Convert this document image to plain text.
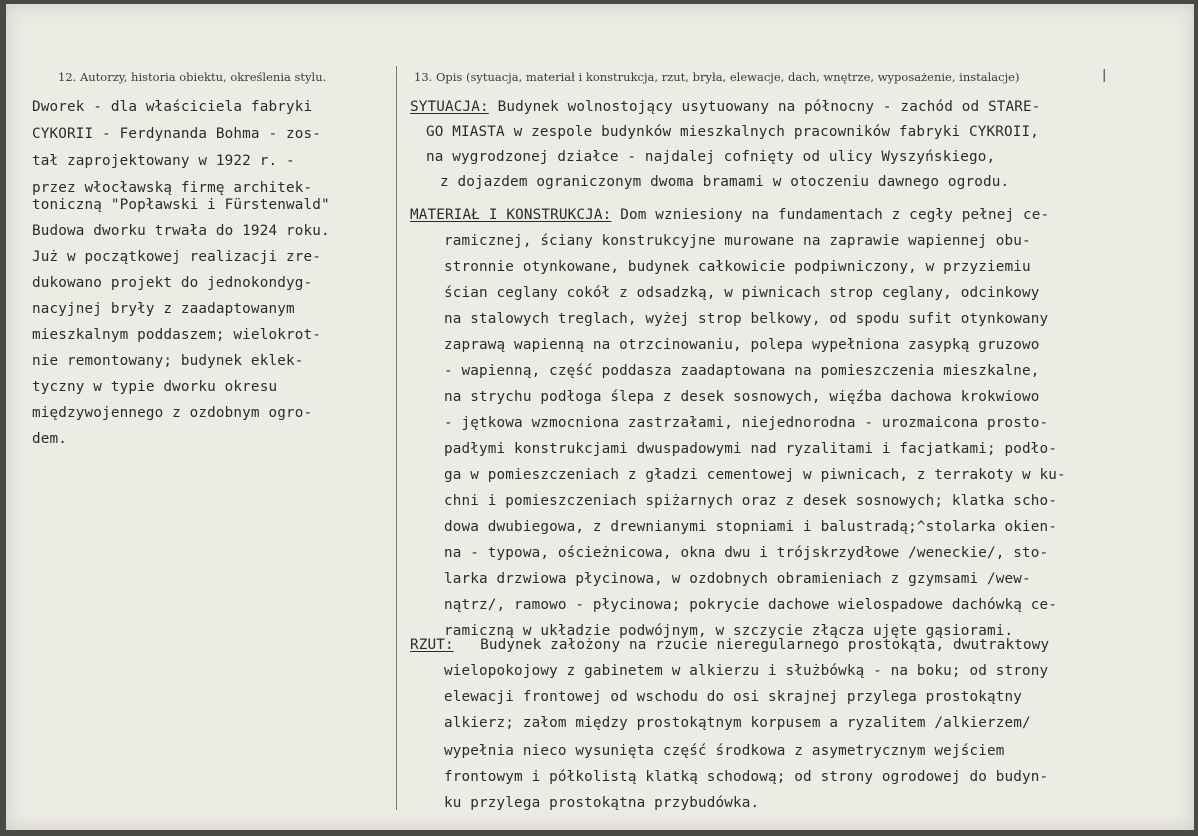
12. Autorzy, historia obiektu, określenia stylu.	13. Opis (sytuacja, materiał i konstrukcja, rzut, bryła, elewacje, dach, wnętrze, wyposażenie, instalacje)	|
Dworek - dla właściciela fabryki
CYKORII - Ferdynanda Bohma - zos-
tał zaprojektowany w 1922 r. -
przez włocławską firmę architek-
toniczną "Popławski i Fürstenwald"
Budowa dworku trwała do 1924 roku.
Już w początkowej realizacji zre-
dukowano projekt do jednokondyg-
nacyjnej bryły z zaadaptowanym
mieszkalnym poddaszem; wielokrot-
nie remontowany; budynek eklek-
tyczny w typie dworku okresu
międzywojennego z ozdobnym ogro-
dem.
SYTUACJA: Budynek wolnostojący usytuowany na północny - zachód od STARE-
GO MIASTA w zespole budynków mieszkalnych pracowników fabryki CYKROII,
na wygrodzonej działce - najdalej cofnięty od ulicy Wyszyńskiego,
z dojazdem ograniczonym dwoma bramami w otoczeniu dawnego ogrodu.
MATERIAŁ I KONSTRUKCJA: Dom wzniesiony na fundamentach z cegły pełnej ce-
ramicznej, ściany konstrukcyjne murowane na zaprawie wapiennej obu-
stronnie otynkowane, budynek całkowicie podpiwniczony, w przyziemiu
ścian ceglany cokół z odsadzką, w piwnicach strop ceglany, odcinkowy
na stalowych treglach, wyżej strop belkowy, od spodu sufit otynkowany
zaprawą wapienną na otrzcinowaniu, polepa wypełniona zasypką gruzowo
- wapienną, część poddasza zaadaptowana na pomieszczenia mieszkalne,
na strychu podłoga ślepa z desek sosnowych, więźba dachowa krokwiowo
- jętkowa wzmocniona zastrzałami, niejednorodna - urozmaicona prosto-
padłymi konstrukcjami dwuspadowymi nad ryzalitami i facjatkami; podło-
ga w pomieszczeniach z gładzi cementowej w piwnicach, z terrakoty w ku-
chni i pomieszczeniach spiżarnych oraz z desek sosnowych; klatka scho-
dowa dwubiegowa, z drewnianymi stopniami i balustradą;^stolarka okien-
na - typowa, ościeżnicowa, okna dwu i trójskrzydłowe /weneckie/, sto-
larka drzwiowa płycinowa, w ozdobnych obramieniach z gzymsami /wew-
nątrz/, ramowo - płycinowa; pokrycie dachowe wielospadowe dachówką ce-
ramiczną w układzie podwójnym, w szczycie złącza ujęte gąsiorami.
RZUT: Budynek założony na rzucie nieregularnego prostokąta, dwutraktowy
wielopokojowy z gabinetem w alkierzu i służbówką - na boku; od strony
elewacji frontowej od wschodu do osi skrajnej przylega prostokątny
alkierz; załom między prostokątnym korpusem a ryzalitem /alkierzem/
wypełnia nieco wysunięta część środkowa z asymetrycznym wejściem
frontowym i półkolistą klatką schodową; od strony ogrodowej do budyn-
ku przylega prostokątna przybudówka.
